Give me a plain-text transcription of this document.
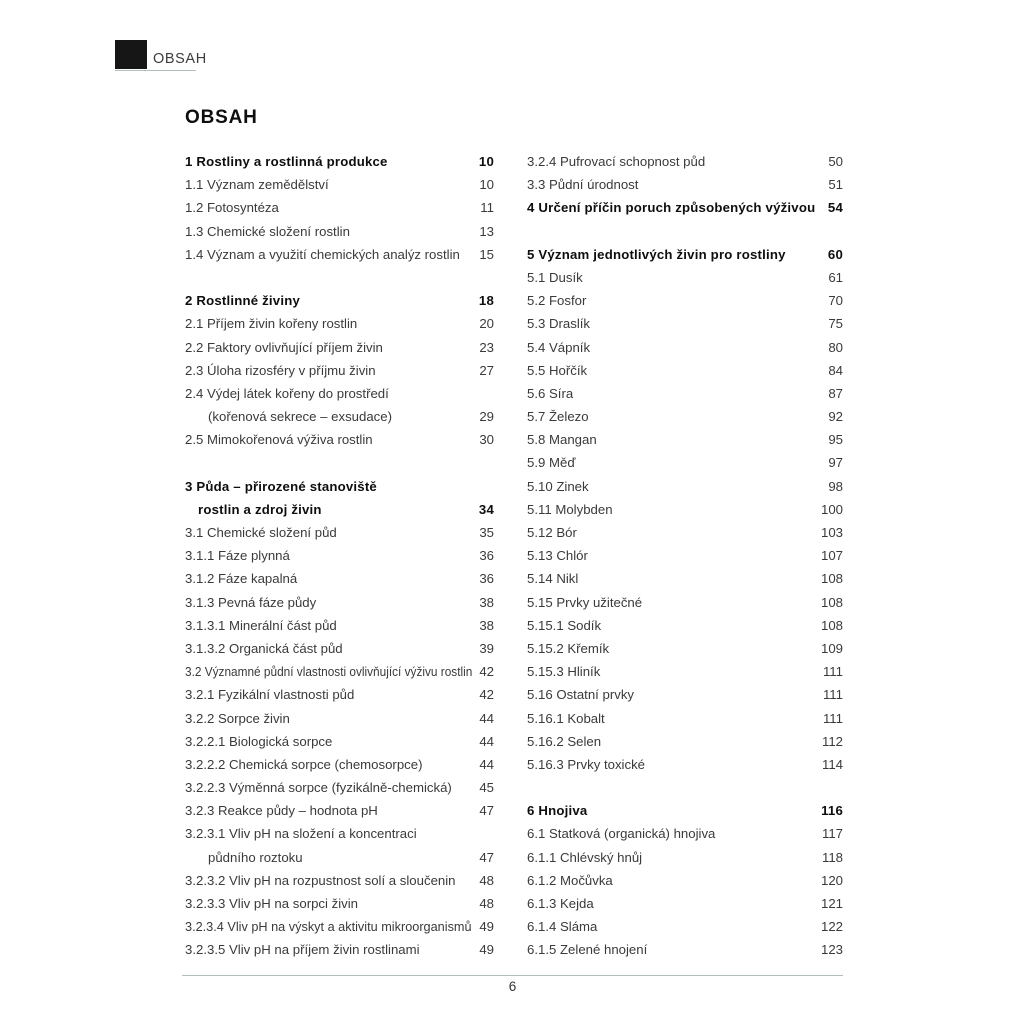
OBSAH
OBSAH
1 Rostliny a rostlinná produkce	10
1.1 Význam zemědělství	10
1.2 Fotosyntéza	11
1.3 Chemické složení rostlin	13
1.4 Význam a využití chemických analýz rostlin 15
2 Rostlinné živiny	18
2.1 Příjem živin kořeny rostlin	20
2.2 Faktory ovlivňující příjem živin	23
2.3 Úloha rizosféry v příjmu živin	27
2.4 Výdej látek kořeny do prostředí
(kořenová sekrece – exsudace)	29
2.5 Mimokořenová výživa rostlin	30
3 Půda – přirozené stanoviště
rostlin a zdroj živin	34
3.1 Chemické složení půd	35
3.1.1 Fáze plynná	36
3.1.2 Fáze kapalná	36
3.1.3 Pevná fáze půdy	38
3.1.3.1 Minerální část půd	38
3.1.3.2 Organická část půd	39
3.2 Významné půdní vlastnosti ovlivňující výživu rostlin 42
3.2.1 Fyzikální vlastnosti půd	42
3.2.2 Sorpce živin	44
3.2.2.1 Biologická sorpce	44
3.2.2.2 Chemická sorpce (chemosorpce)	44
3.2.2.3 Výměnná sorpce (fyzikálně-chemická) 45
3.2.3 Reakce půdy – hodnota pH	47
3.2.3.1 Vliv pH na složení a koncentraci
půdního roztoku	47
3.2.3.2 Vliv pH na rozpustnost solí a sloučenin 48
3.2.3.3 Vliv pH na sorpci živin	48
3.2.3.4 Vliv pH na výskyt a aktivitu mikroorganismů 49
3.2.3.5 Vliv pH na příjem živin rostlinami	49
3.2.4 Pufrovací schopnost půd	50
3.3 Půdní úrodnost	51
4 Určení příčin poruch způsobených výživou 54
5 Význam jednotlivých živin pro rostliny	60
5.1 Dusík	61
5.2 Fosfor	70
5.3 Draslík	75
5.4 Vápník	80
5.5 Hořčík	84
5.6 Síra	87
5.7 Železo	92
5.8 Mangan	95
5.9 Měď	97
5.10 Zinek	98
5.11 Molybden	100
5.12 Bór	103
5.13 Chlór	107
5.14 Nikl	108
5.15 Prvky užitečné	108
5.15.1 Sodík	108
5.15.2 Křemík	109
5.15.3 Hliník	111
5.16 Ostatní prvky	111
5.16.1 Kobalt	111
5.16.2 Selen	112
5.16.3 Prvky toxické	114
6 Hnojiva	116
6.1 Statková (organická) hnojiva	117
6.1.1 Chlévský hnůj	118
6.1.2 Močůvka	120
6.1.3 Kejda	121
6.1.4 Sláma	122
6.1.5 Zelené hnojení	123
6
